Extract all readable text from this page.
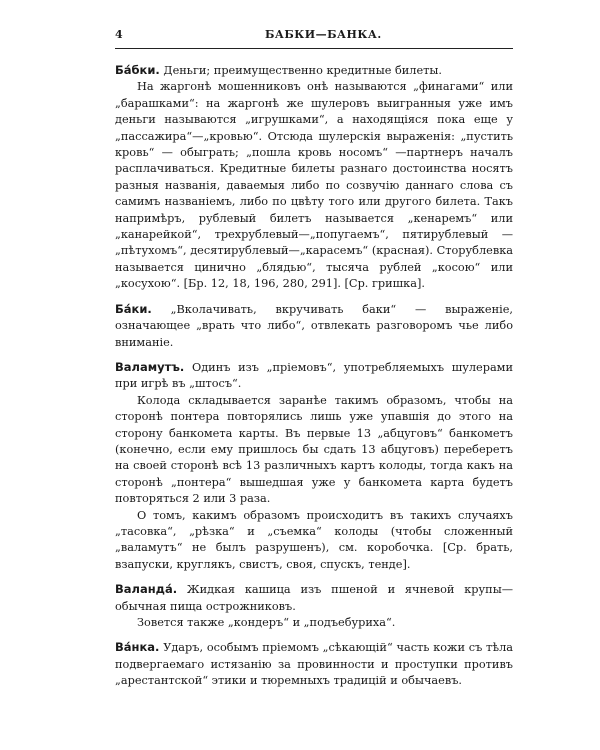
4	БАБКИ—БАНКА.

Ба́бки. Деньги; преимущественно кредитные билеты.

На жаргонѣ мошенниковъ онѣ называются „финагами“ или „барашками“: на жаргонѣ же шулеровъ выигранныя уже имъ деньги называются „игрушками“, а находящіяся пока еще у „пассажира“—„кровью“. Отсюда шулерскія выраженія: „пустить кровь“ — обыграть; „пошла кровь носомъ“ —партнеръ началъ расплачиваться. Кредитные билеты разнаго достоинства носятъ разныя названія, даваемыя либо по созвучію даннаго слова съ самимъ названіемъ, либо по цвѣту того или другого билета. Такъ напримѣръ, рублевый билетъ называется „кенаремъ“ или „канарейкой“, трехрублевый—„попугаемъ“, пятирублевый — „пѣтухомъ“, десятирублевый—„карасемъ“ (красная). Сторублевка называется цинично „блядью“, тысяча рублей „косою“ или „косухою“. [Бр. 12, 18, 196, 280, 291]. [Ср. гришка].

Ба́ки. „Вколачивать, вкручивать баки“ — выраженіе, означающее „врать что либо“, отвлекать разговоромъ чье либо вниманіе.

Валамутъ. Одинъ изъ „пріемовъ“, употребляемыхъ шулерами при игрѣ въ „штосъ“.

Колода складывается заранѣе такимъ образомъ, чтобы на сторонѣ понтера повторялись лишь уже упавшія до этого на сторону банкомета карты. Въ первые 13 „абцуговъ“ банкометъ (конечно, если ему пришлось бы сдать 13 абцуговъ) переберетъ на своей сторонѣ всѣ 13 различныхъ картъ колоды, тогда какъ на сторонѣ „понтера“ вышедшая уже у банкомета карта будетъ повторяться 2 или 3 раза.

О томъ, какимъ образомъ происходитъ въ такихъ случаяхъ „тасовка“, „рѣзка“ и „съемка“ колоды (чтобы сложенный „валамутъ“ не былъ разрушенъ), см. коробочка. [Ср. брать, взапуски, круглякъ, свистъ, своя, спускъ, тенде].

Валанда́. Жидкая кашица изъ пшеной и ячневой крупы—обычная пища острожниковъ.

Зовется также „кондеръ“ и „подъебуриха“.

Ва́нка. Ударъ, особымъ пріемомъ „сѣкающій“ часть кожи съ тѣла подвергаемаго истязанію за провинности и проступки противъ „арестантской“ этики и тюремныхъ традицій и обычаевъ.
